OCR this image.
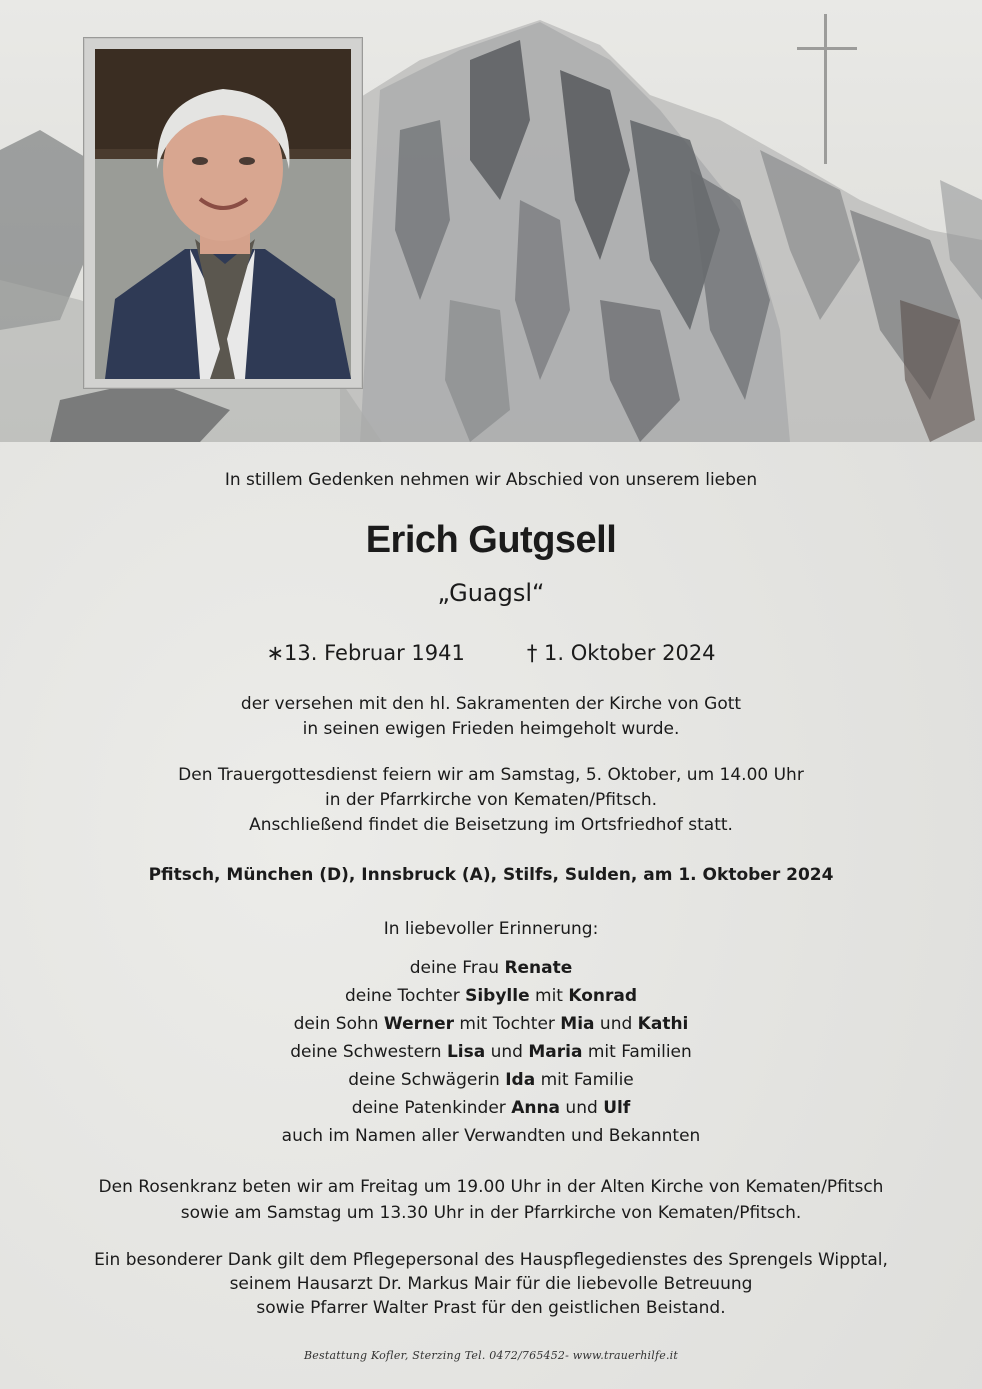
In stillem Gedenken nehmen wir Abschied von unserem lieben
Erich Gutgsell
„Guagsl“
∗13. Februar 1941	† 1. Oktober 2024
der versehen mit den hl. Sakramenten der Kirche von Gott
in seinen ewigen Frieden heimgeholt wurde.
Den Trauergottesdienst feiern wir am Samstag, 5. Oktober, um 14.00 Uhr
in der Pfarrkirche von Kematen/Pfitsch.
Anschließend findet die Beisetzung im Ortsfriedhof statt.
Pfitsch, München (D), Innsbruck (A), Stilfs, Sulden, am 1. Oktober 2024
In liebevoller Erinnerung:
deine Frau Renate
deine Tochter Sibylle mit Konrad
dein Sohn Werner mit Tochter Mia und Kathi
deine Schwestern Lisa und Maria mit Familien
deine Schwägerin Ida mit Familie
deine Patenkinder Anna und Ulf
auch im Namen aller Verwandten und Bekannten
Den Rosenkranz beten wir am Freitag um 19.00 Uhr in der Alten Kirche von Kematen/Pfitsch
sowie am Samstag um 13.30 Uhr in der Pfarrkirche von Kematen/Pfitsch.
Ein besonderer Dank gilt dem Pflegepersonal des Hauspflegedienstes des Sprengels Wipptal,
seinem Hausarzt Dr. Markus Mair für die liebevolle Betreuung
sowie Pfarrer Walter Prast für den geistlichen Beistand.
Bestattung Kofler, Sterzing Tel. 0472/765452- www.trauerhilfe.it
